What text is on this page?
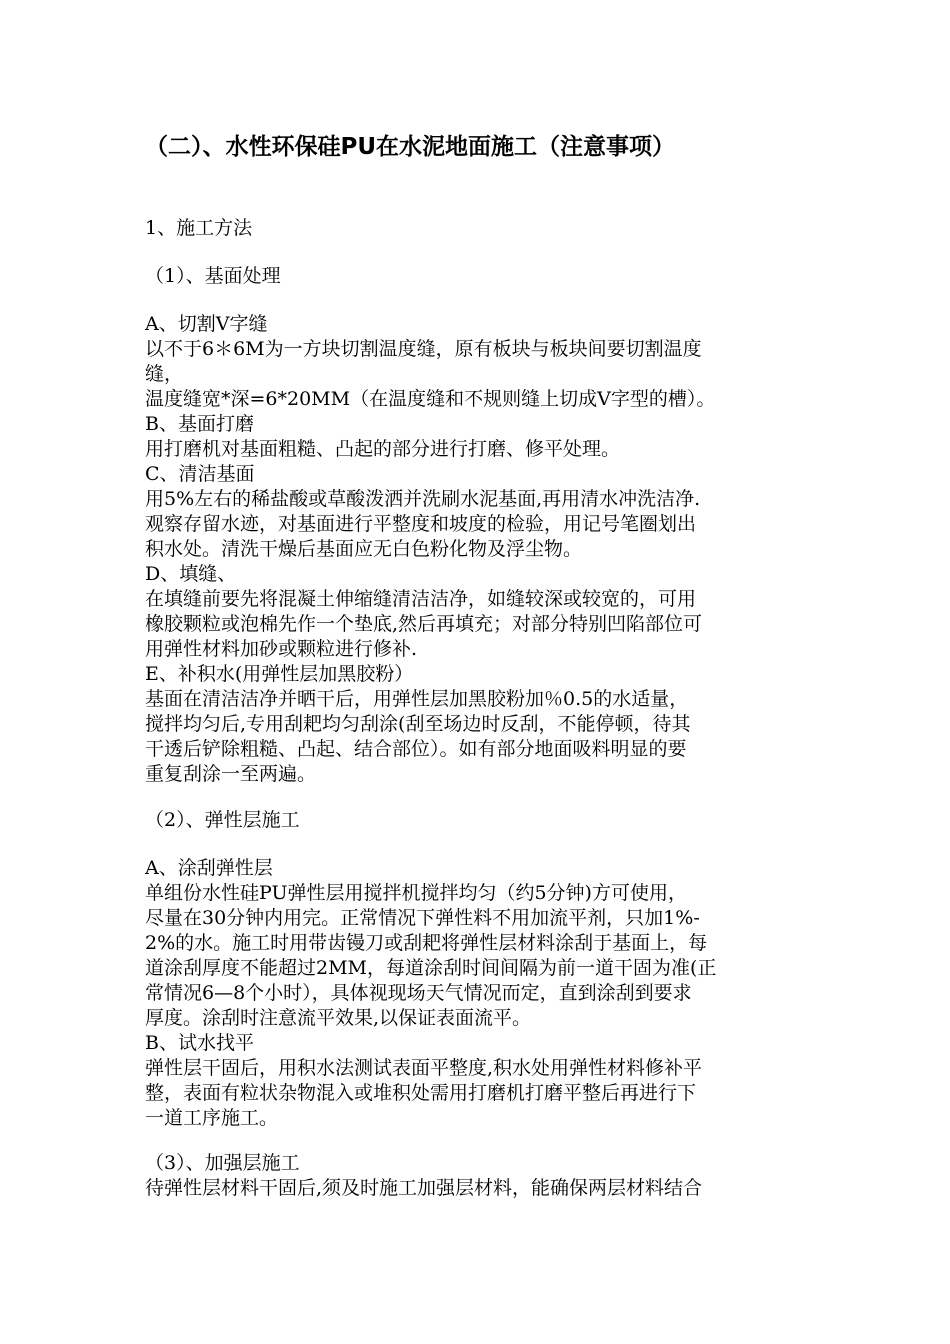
（二）、水性环保硅PU在水泥地面施工（注意事项）
1、施工方法
（1）、基面处理
A、切割V字缝
以不于6＊6M为一方块切割温度缝，原有板块与板块间要切割温度
缝，
温度缝宽*深=6*20MM（在温度缝和不规则缝上切成V字型的槽）。
B、基面打磨
用打磨机对基面粗糙、凸起的部分进行打磨、修平处理。
C、清洁基面
用5%左右的稀盐酸或草酸泼洒并洗刷水泥基面,再用清水冲洗洁净.
观察存留水迹，对基面进行平整度和坡度的检验，用记号笔圈划出
积水处。清洗干燥后基面应无白色粉化物及浮尘物。
D、填缝、
在填缝前要先将混凝土伸缩缝清洁洁净，如缝较深或较宽的，可用
橡胶颗粒或泡棉先作一个垫底,然后再填充；对部分特别凹陷部位可
用弹性材料加砂或颗粒进行修补.
E、补积水(用弹性层加黑胶粉）
基面在清洁洁净并晒干后，用弹性层加黑胶粉加％0.5的水适量，
搅拌均匀后,专用刮耙均匀刮涂(刮至场边时反刮，不能停顿，待其
干透后铲除粗糙、凸起、结合部位）。如有部分地面吸料明显的要
重复刮涂一至两遍。
（2）、弹性层施工
A、涂刮弹性层
单组份水性硅PU弹性层用搅拌机搅拌均匀（约5分钟)方可使用，
尽量在30分钟内用完。正常情况下弹性料不用加流平剂，只加1%-
2%的水。施工时用带齿镘刀或刮耙将弹性层材料涂刮于基面上，每
道涂刮厚度不能超过2MM，每道涂刮时间间隔为前一道干固为准(正
常情况6—8个小时），具体视现场天气情况而定，直到涂刮到要求
厚度。涂刮时注意流平效果,以保证表面流平。
B、试水找平
弹性层干固后，用积水法测试表面平整度,积水处用弹性材料修补平
整，表面有粒状杂物混入或堆积处需用打磨机打磨平整后再进行下
一道工序施工。
（3）、加强层施工
待弹性层材料干固后,须及时施工加强层材料，能确保两层材料结合
